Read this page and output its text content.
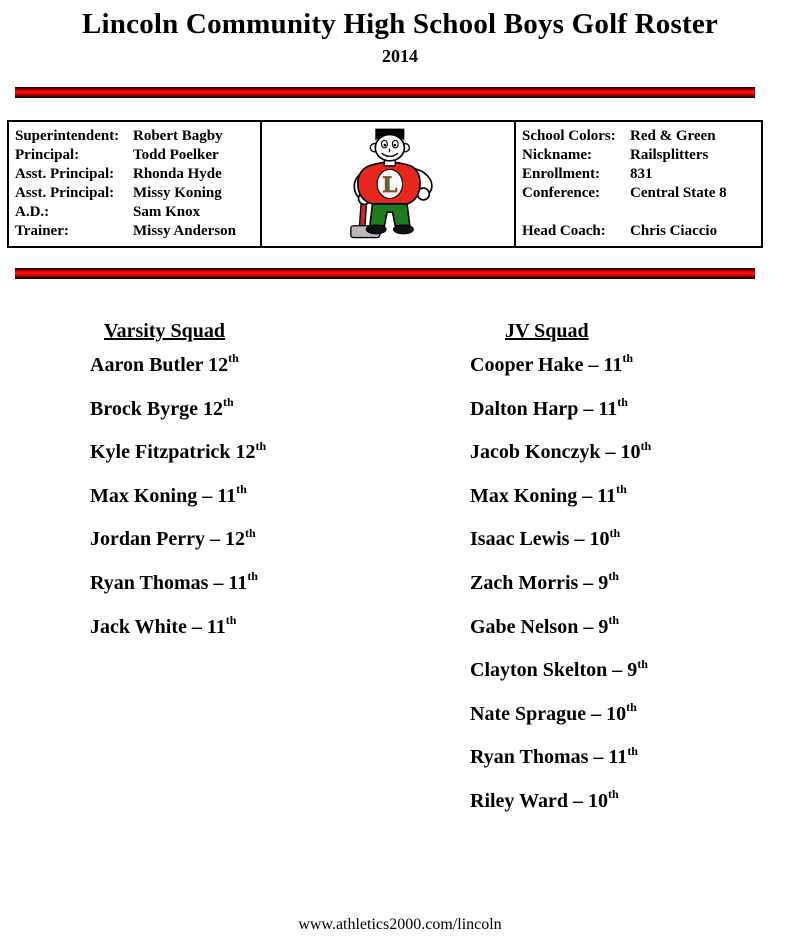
Lincoln Community High School Boys Golf Roster
2014
Superintendent: Robert Bagby
Principal:	Todd Poelker
Asst. Principal:	Rhonda Hyde
Asst. Principal:	Missy Koning
A.D.:	Sam Knox
Trainer:	Missy Anderson
L
School Colors: Red & Green
Nickname:	Railsplitters
Enrollment:	831
Conference:	Central State 8
Head Coach:	Chris Ciaccio
Varsity Squad	JV Squad
Aaron Butler 12th
Brock Byrge 12th
Kyle Fitzpatrick 12th
Max Koning – 11th
Jordan Perry – 12th
Ryan Thomas – 11th
Jack White – 11th
Cooper Hake – 11th
Dalton Harp – 11th
Jacob Konczyk – 10th
Max Koning – 11th
Isaac Lewis – 10th
Zach Morris – 9th
Gabe Nelson – 9th
Clayton Skelton – 9th
Nate Sprague – 10th
Ryan Thomas – 11th
Riley Ward – 10th
www.athletics2000.com/lincoln
